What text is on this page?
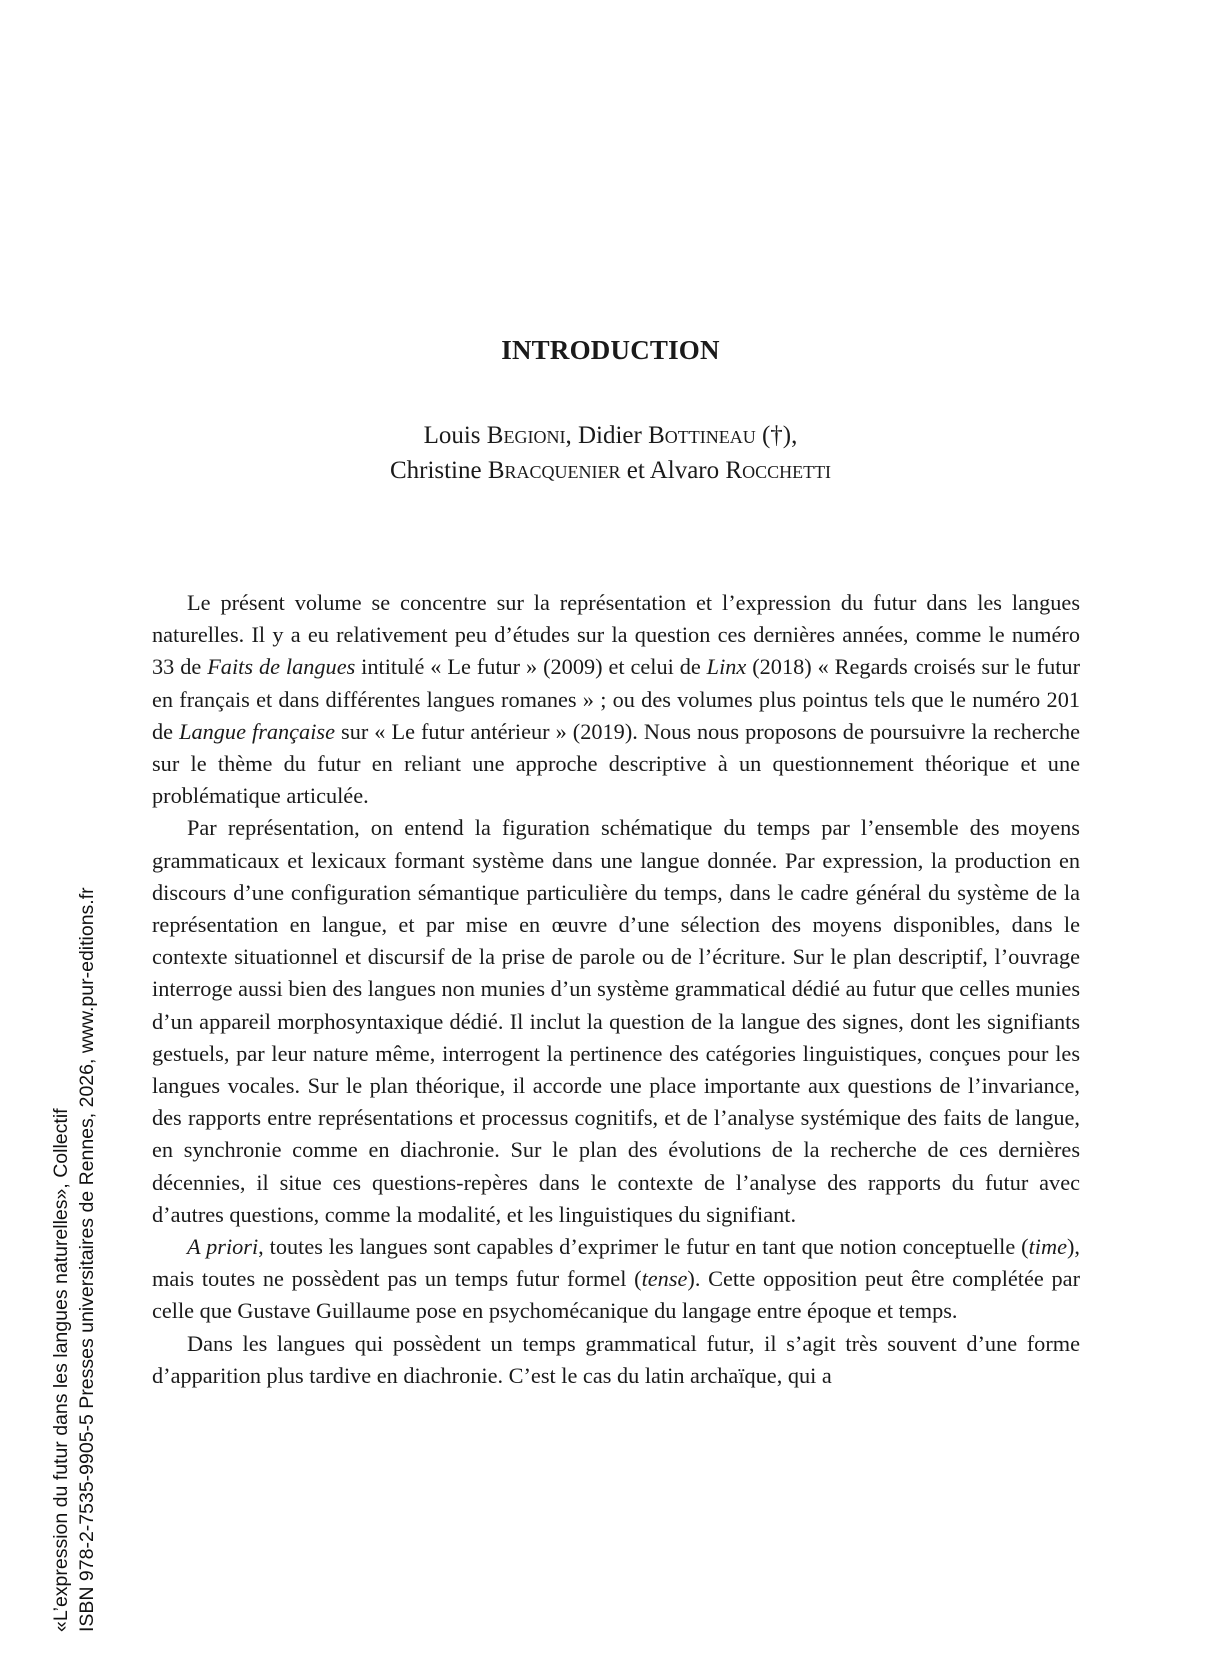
INTRODUCTION
Louis Begioni, Didier Bottineau (†),
Christine Bracquenier et Alvaro Rocchetti

Le présent volume se concentre sur la représentation et l’expression du futur dans les langues naturelles. Il y a eu relativement peu d’études sur la question ces dernières années, comme le numéro 33 de Faits de langues intitulé « Le futur » (2009) et celui de Linx (2018) « Regards croisés sur le futur en français et dans différentes langues romanes » ; ou des volumes plus pointus tels que le numéro 201 de Langue française sur « Le futur antérieur » (2019). Nous nous proposons de poursuivre la recherche sur le thème du futur en reliant une approche descriptive à un questionnement théorique et une problématique articulée.

Par représentation, on entend la figuration schématique du temps par l’ensemble des moyens grammaticaux et lexicaux formant système dans une langue donnée. Par expression, la production en discours d’une configuration sémantique particulière du temps, dans le cadre général du système de la représentation en langue, et par mise en œuvre d’une sélection des moyens disponibles, dans le contexte situationnel et discursif de la prise de parole ou de l’écriture. Sur le plan descriptif, l’ouvrage interroge aussi bien des langues non munies d’un système grammatical dédié au futur que celles munies d’un appareil morphosyntaxique dédié. Il inclut la question de la langue des signes, dont les signifiants gestuels, par leur nature même, interrogent la pertinence des catégories linguistiques, conçues pour les langues vocales. Sur le plan théorique, il accorde une place importante aux questions de l’invariance, des rapports entre représentations et processus cognitifs, et de l’analyse systémique des faits de langue, en synchronie comme en diachronie. Sur le plan des évolutions de la recherche de ces dernières décennies, il situe ces questions-repères dans le contexte de l’analyse des rapports du futur avec d’autres questions, comme la modalité, et les linguistiques du signifiant.

A priori, toutes les langues sont capables d’exprimer le futur en tant que notion conceptuelle (time), mais toutes ne possèdent pas un temps futur formel (tense). Cette opposition peut être complétée par celle que Gustave Guillaume pose en psychomécanique du langage entre époque et temps.

Dans les langues qui possèdent un temps grammatical futur, il s’agit très souvent d’une forme d’apparition plus tardive en diachronie. C’est le cas du latin archaïque, qui a

«L’expression du futur dans les langues naturelles», Collectif ISBN 978-2-7535-9905-5 Presses universitaires de Rennes, 2026, www.pur-editions.fr
